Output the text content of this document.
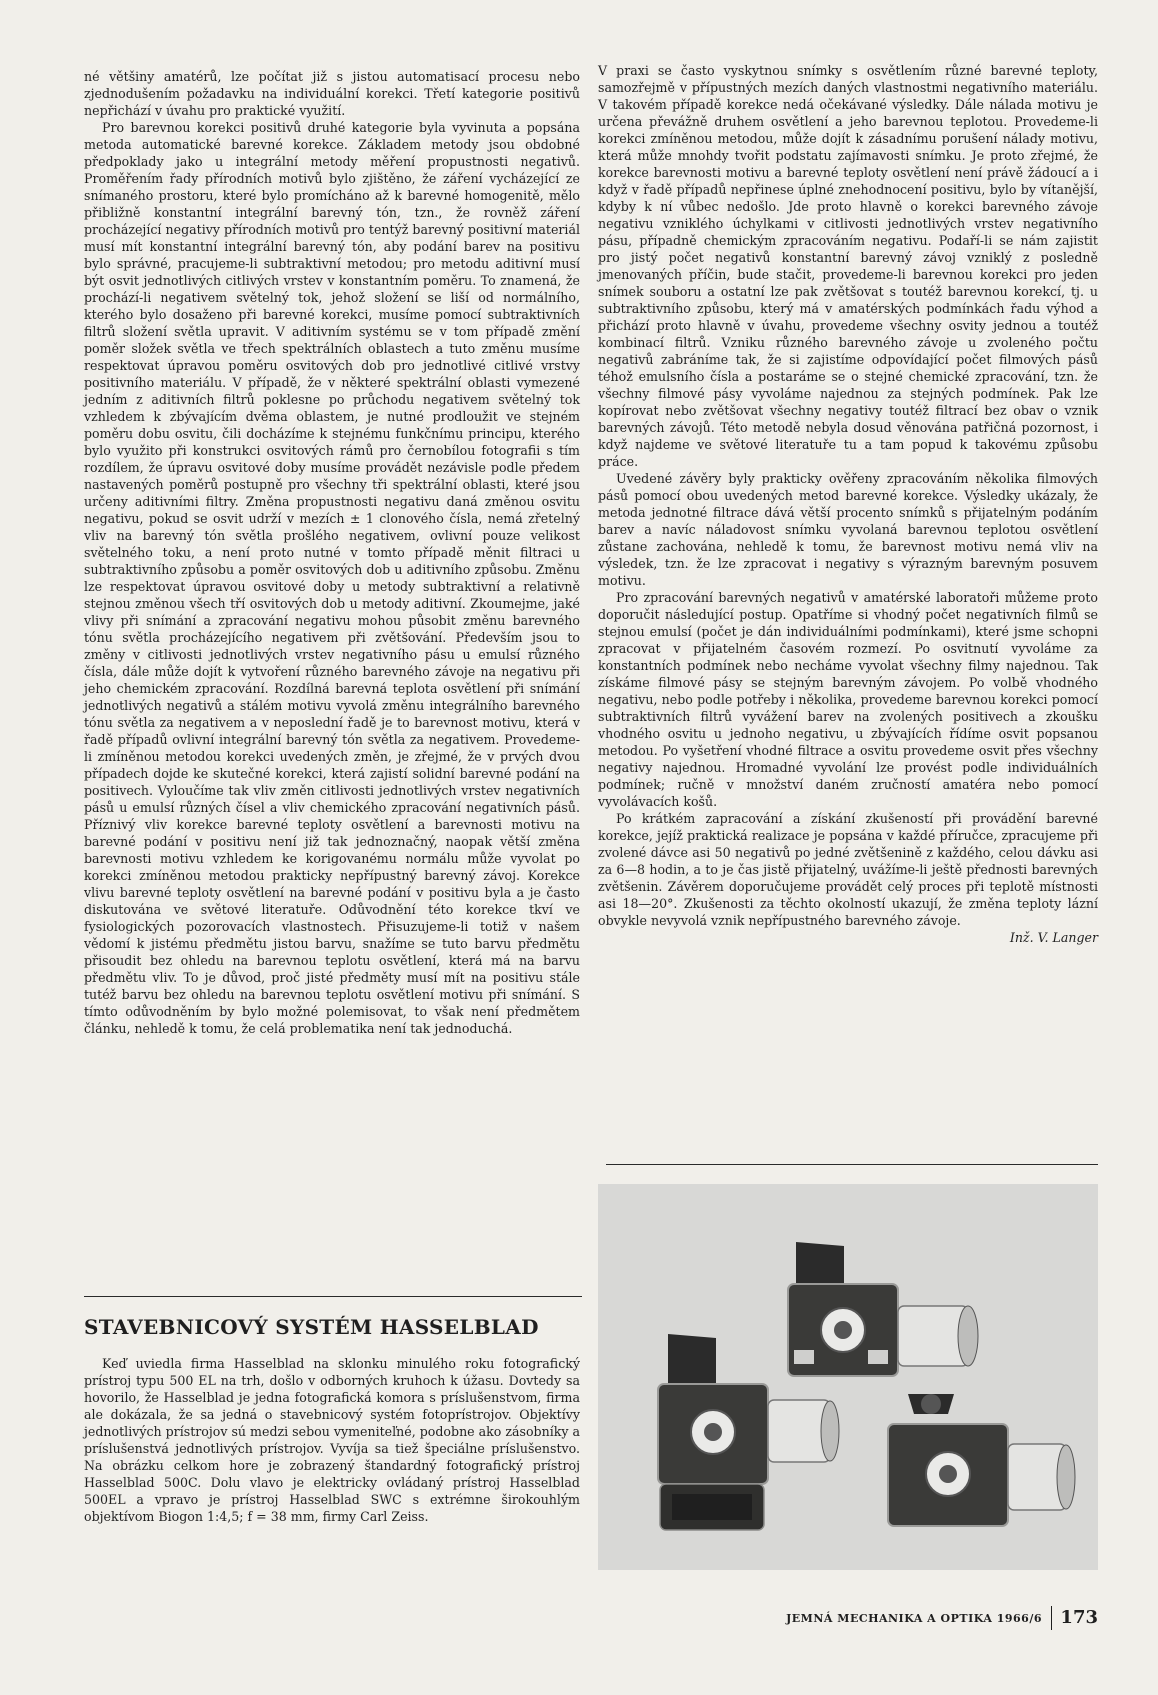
né většiny amatérů, lze počítat již s jistou automatisací procesu nebo zjednodušením požadavku na individuální korekci. Třetí kategorie positivů nepřichází v úvahu pro praktické využití.

Pro barevnou korekci positivů druhé kategorie byla vyvinuta a popsána metoda automatické barevné korekce. Základem metody jsou obdobné předpoklady jako u integrální metody měření propustnosti negativů. Proměřením řady přírodních motivů bylo zjištěno, že záření vycházející ze snímaného prostoru, které bylo promícháno až k barevné homogenitě, mělo přibližně konstantní integrální barevný tón, tzn., že rovněž záření procházející negativy přírodních motivů pro tentýž barevný positivní materiál musí mít konstantní integrální barevný tón, aby podání barev na positivu bylo správné, pracujeme-li subtraktivní metodou; pro metodu aditivní musí být osvit jednotlivých citlivých vrstev v konstantním poměru. To znamená, že prochází-li negativem světelný tok, jehož složení se liší od normálního, kterého bylo dosaženo při barevné korekci, musíme pomocí subtraktivních filtrů složení světla upravit. V aditivním systému se v tom případě změní poměr složek světla ve třech spektrálních oblastech a tuto změnu musíme respektovat úpravou poměru osvitových dob pro jednotlivé citlivé vrstvy positivního materiálu. V případě, že v některé spektrální oblasti vymezené jedním z aditivních filtrů poklesne po průchodu negativem světelný tok vzhledem k zbývajícím dvěma oblastem, je nutné prodloužit ve stejném poměru dobu osvitu, čili docházíme k stejnému funkčnímu principu, kterého bylo využito při konstrukci osvitových rámů pro černobílou fotografii s tím rozdílem, že úpravu osvitové doby musíme provádět nezávisle podle předem nastavených poměrů postupně pro všechny tři spektrální oblasti, které jsou určeny aditivními filtry. Změna propustnosti negativu daná změnou osvitu negativu, pokud se osvit udrží v mezích ± 1 clonového čísla, nemá zřetelný vliv na barevný tón světla prošlého negativem, ovlivní pouze velikost světelného toku, a není proto nutné v tomto případě měnit filtraci u subtraktivního způsobu a poměr osvitových dob u aditivního způsobu. Změnu lze respektovat úpravou osvitové doby u metody subtraktivní a relativně stejnou změnou všech tří osvitových dob u metody aditivní. Zkoumejme, jaké vlivy při snímání a zpracování negativu mohou působit změnu barevného tónu světla procházejícího negativem při zvětšování. Především jsou to změny v citlivosti jednotlivých vrstev negativního pásu u emulsí různého čísla, dále může dojít k vytvoření různého barevného závoje na negativu při jeho chemickém zpracování. Rozdílná barevná teplota osvětlení při snímání jednotlivých negativů a stálém motivu vyvolá změnu integrálního barevného tónu světla za negativem a v neposlední řadě je to barevnost motivu, která v řadě případů ovlivní integrální barevný tón světla za negativem. Provedeme-li zmíněnou metodou korekci uvedených změn, je zřejmé, že v prvých dvou případech dojde ke skutečné korekci, která zajistí solidní barevné podání na positivech. Vyloučíme tak vliv změn citlivosti jednotlivých vrstev negativních pásů u emulsí různých čísel a vliv chemického zpracování negativních pásů. Příznivý vliv korekce barevné teploty osvětlení a barevnosti motivu na barevné podání v positivu není již tak jednoznačný, naopak větší změna barevnosti motivu vzhledem ke korigovanému normálu může vyvolat po korekci zmíněnou metodou prakticky nepřípustný barevný závoj. Korekce vlivu barevné teploty osvětlení na barevné podání v positivu byla a je často diskutována ve světové literatuře. Odůvodnění této korekce tkví ve fysiologických pozorovacích vlastnostech. Přisuzujeme-li totiž v našem vědomí k jistému předmětu jistou barvu, snažíme se tuto barvu předmětu přisoudit bez ohledu na barevnou teplotu osvětlení, která má na barvu předmětu vliv. To je důvod, proč jisté předměty musí mít na positivu stále tutéž barvu bez ohledu na barevnou teplotu osvětlení motivu při snímání. S tímto odůvodněním by bylo možné polemisovat, to však není předmětem článku, nehledě k tomu, že celá problematika není tak jednoduchá.

V praxi se často vyskytnou snímky s osvětlením různé barevné teploty, samozřejmě v přípustných mezích daných vlastnostmi negativního materiálu. V takovém případě korekce nedá očekávané výsledky. Dále nálada motivu je určena převážně druhem osvětlení a jeho barevnou teplotou. Provedeme-li korekci zmíněnou metodou, může dojít k zásadnímu porušení nálady motivu, která může mnohdy tvořit podstatu zajímavosti snímku. Je proto zřejmé, že korekce barevnosti motivu a barevné teploty osvětlení není právě žádoucí a i když v řadě případů nepřinese úplné znehodnocení positivu, bylo by vítanější, kdyby k ní vůbec nedošlo. Jde proto hlavně o korekci barevného závoje negativu vzniklého úchylkami v citlivosti jednotlivých vrstev negativního pásu, případně chemickým zpracováním negativu. Podaří-li se nám zajistit pro jistý počet negativů konstantní barevný závoj vzniklý z posledně jmenovaných příčin, bude stačit, provedeme-li barevnou korekci pro jeden snímek souboru a ostatní lze pak zvětšovat s toutéž barevnou korekcí, tj. u subtraktivního způsobu, který má v amatérských podmínkách řadu výhod a přichází proto hlavně v úvahu, provedeme všechny osvity jednou a toutéž kombinací filtrů. Vzniku různého barevného závoje u zvoleného počtu negativů zabráníme tak, že si zajistíme odpovídající počet filmových pásů téhož emulsního čísla a postaráme se o stejné chemické zpracování, tzn. že všechny filmové pásy vyvoláme najednou za stejných podmínek. Pak lze kopírovat nebo zvětšovat všechny negativy toutéž filtrací bez obav o vznik barevných závojů. Této metodě nebyla dosud věnována patřičná pozornost, i když najdeme ve světové literatuře tu a tam popud k takovému způsobu práce.

Uvedené závěry byly prakticky ověřeny zpracováním několika filmových pásů pomocí obou uvedených metod barevné korekce. Výsledky ukázaly, že metoda jednotné filtrace dává větší procento snímků s přijatelným podáním barev a navíc náladovost snímku vyvolaná barevnou teplotou osvětlení zůstane zachována, nehledě k tomu, že barevnost motivu nemá vliv na výsledek, tzn. že lze zpracovat i negativy s výrazným barevným posuvem motivu.

Pro zpracování barevných negativů v amatérské laboratoři můžeme proto doporučit následující postup. Opatříme si vhodný počet negativních filmů se stejnou emulsí (počet je dán individuálními podmínkami), které jsme schopni zpracovat v přijatelném časovém rozmezí. Po osvitnutí vyvoláme za konstantních podmínek nebo necháme vyvolat všechny filmy najednou. Tak získáme filmové pásy se stejným barevným závojem. Po volbě vhodného negativu, nebo podle potřeby i několika, provedeme barevnou korekci pomocí subtraktivních filtrů vyvážení barev na zvolených positivech a zkoušku vhodného osvitu u jednoho negativu, u zbývajících řídíme osvit popsanou metodou. Po vyšetření vhodné filtrace a osvitu provedeme osvit přes všechny negativy najednou. Hromadné vyvolání lze provést podle individuálních podmínek; ručně v množství daném zručností amatéra nebo pomocí vyvolávacích košů.

Po krátkém zapracování a získání zkušeností při provádění barevné korekce, jejíž praktická realizace je popsána v každé příručce, zpracujeme při zvolené dávce asi 50 negativů po jedné zvětšenině z každého, celou dávku asi za 6—8 hodin, a to je čas jistě přijatelný, uvážíme-li ještě přednosti barevných zvětšenin. Závěrem doporučujeme provádět celý proces při teplotě místnosti asi 18—20°. Zkušenosti za těchto okolností ukazují, že změna teploty lázní obvykle nevyvolá vznik nepřípustného barevného závoje.

Inž. V. Langer

STAVEBNICOVÝ SYSTÉM HASSELBLAD

Keď uviedla firma Hasselblad na sklonku minulého roku fotografický prístroj typu 500 EL na trh, došlo v odborných kruhoch k úžasu. Dovtedy sa hovorilo, že Hasselblad je jedna fotografická komora s príslušenstvom, firma ale dokázala, že sa jedná o stavebnicový systém fotoprístrojov. Objektívy jednotlivých prístrojov sú medzi sebou vymeniteľné, podobne ako zásobníky a príslušenstvá jednotlivých prístrojov. Vyvíja sa tiež špeciálne príslušenstvo. Na obrázku celkom hore je zobrazený štandardný fotografický prístroj Hasselblad 500C. Dolu vlavo je elektricky ovládaný prístroj Hasselblad 500EL a vpravo je prístroj Hasselblad SWC s extrémne širokouhlým objektívom Biogon 1:4,5; f = 38 mm, firmy Carl Zeiss.

JEMNÁ MECHANIKA A OPTIKA 1966/6 173
